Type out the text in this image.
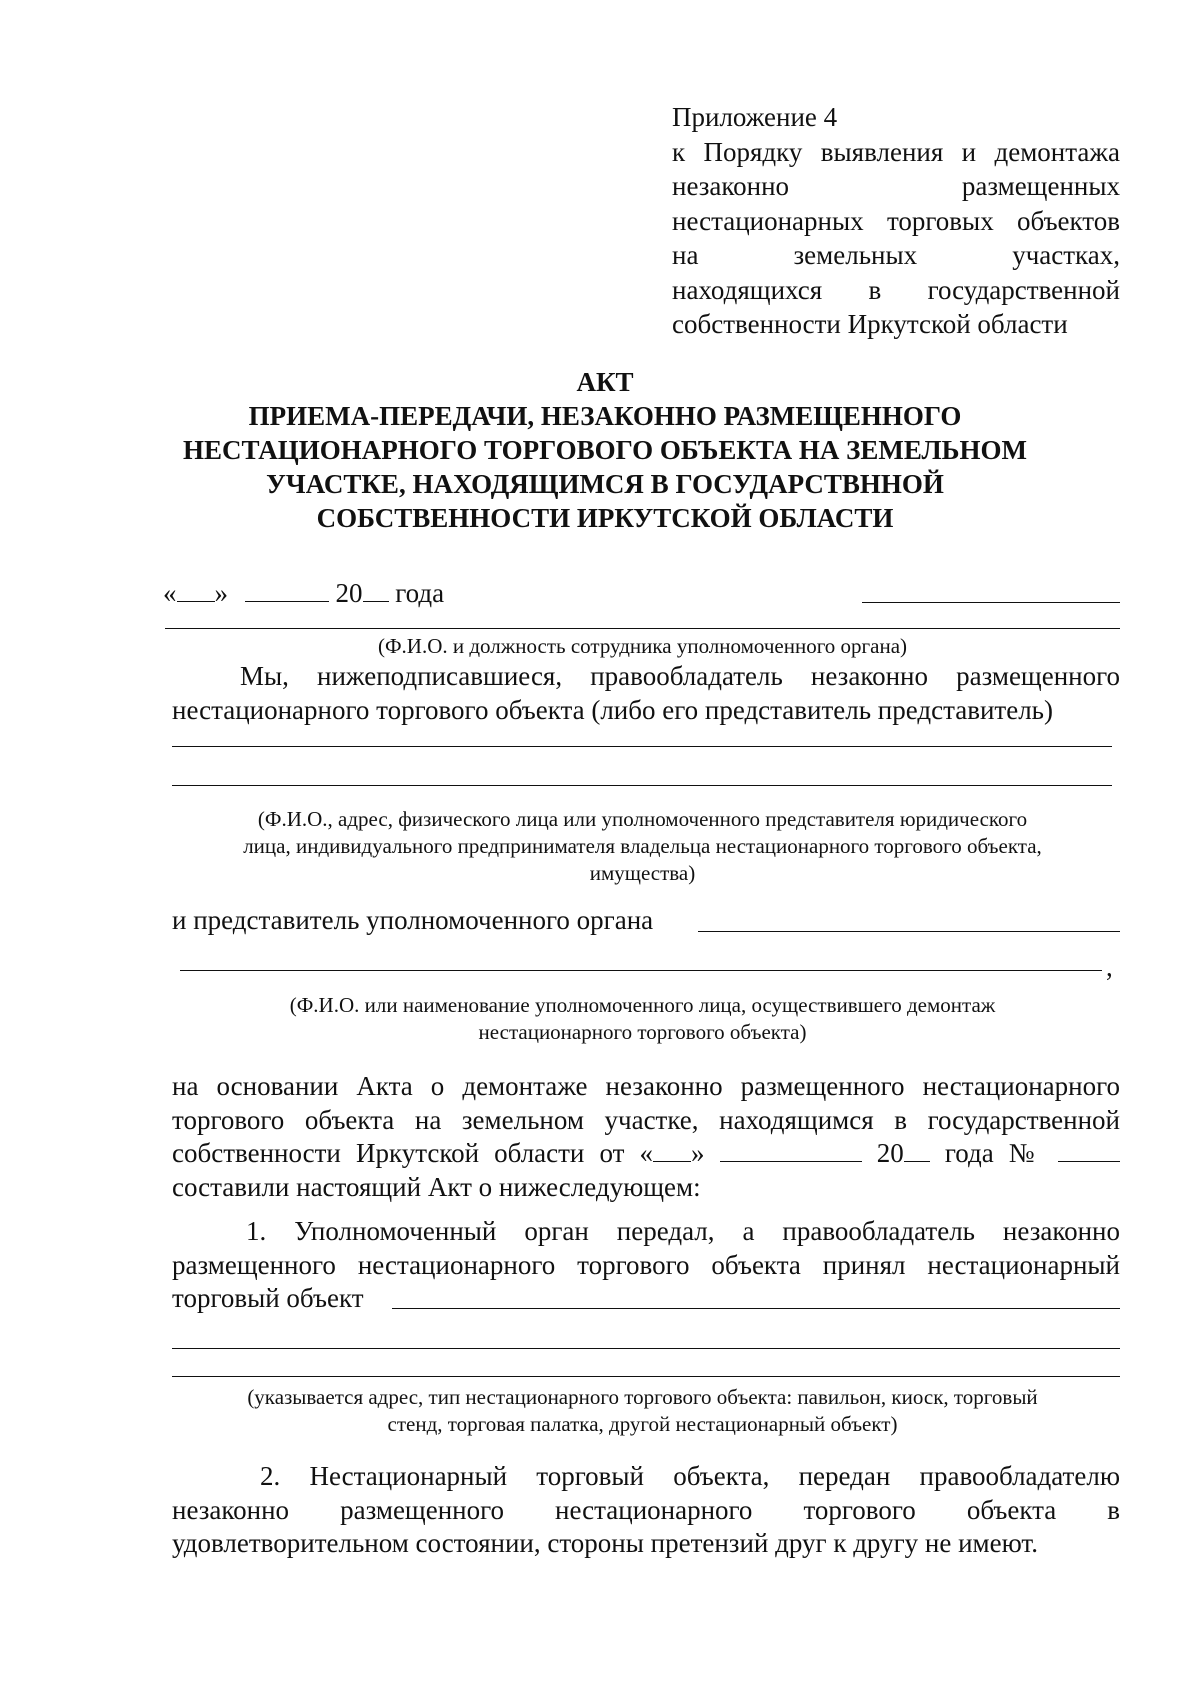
Приложение 4
к Порядку выявления и демонтажа
незаконно размещенных
нестационарных торговых объектов
на земельных участках,
находящихся в государственной
собственности Иркутской области
АКТ
ПРИЕМА-ПЕРЕДАЧИ, НЕЗАКОННО РАЗМЕЩЕННОГО
НЕСТАЦИОНАРНОГО ТОРГОВОГО ОБЪЕКТА НА ЗЕМЕЛЬНОМ
УЧАСТКЕ, НАХОДЯЩИМСЯ В ГОСУДАРСТВННОЙ
СОБСТВЕННОСТИ ИРКУТСКОЙ ОБЛАСТИ
« »	20 года
(Ф.И.О. и должность сотрудника уполномоченного органа)
Мы, нижеподписавшиеся, правообладатель незаконно размещенного
нестационарного торгового объекта (либо его представитель представитель)
(Ф.И.О., адрес, физического лица или уполномоченного представителя юридического
лица, индивидуального предпринимателя владельца нестационарного торгового объекта,
имущества)
и представитель уполномоченного органа
,
(Ф.И.О. или наименование уполномоченного лица, осуществившего демонтаж
нестационарного торгового объекта)
на основании Акта о демонтаже незаконно размещенного нестационарного
торгового объекта на земельном участке, находящимся в государственной
собственности Иркутской области от « »	20 года №
составили настоящий Акт о нижеследующем:
1. Уполномоченный орган передал, а правообладатель незаконно
размещенного нестационарного торгового объекта принял нестационарный
торговый объект
(указывается адрес, тип нестационарного торгового объекта: павильон, киоск, торговый
стенд, торговая палатка, другой нестационарный объект)
2. Нестационарный торговый объекта, передан правообладателю
незаконно размещенного нестационарного торгового объекта в
удовлетворительном состоянии, стороны претензий друг к другу не имеют.
